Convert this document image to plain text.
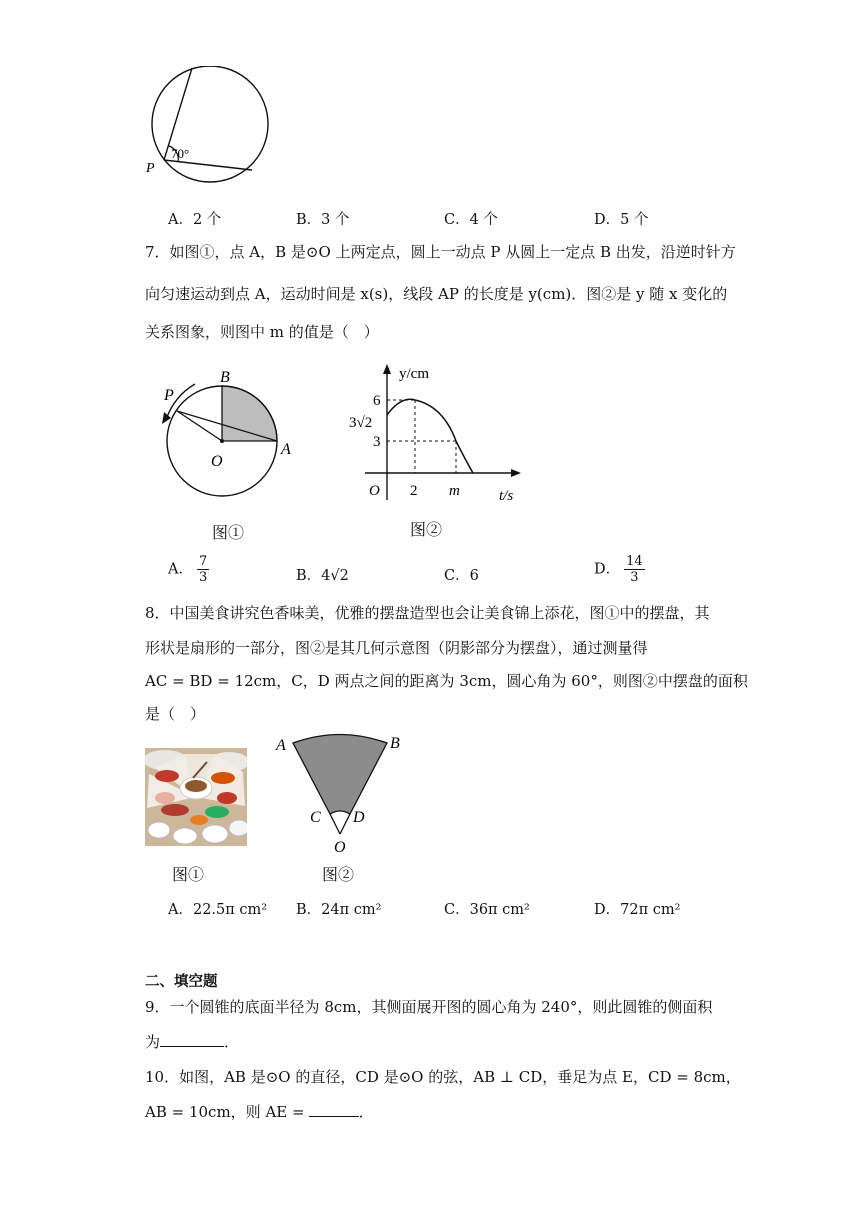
70°
P
A．2 个	B．3 个	C．4 个	D．5 个
7．如图①，点 A，B 是⊙O 上两定点，圆上一动点 P 从圆上一定点 B 出发，沿逆时针方
向匀速运动到点 A，运动时间是 x(s)，线段 AP 的长度是 y(cm)．图②是 y 随 x 变化的
关系图象，则图中 m 的值是（　）
B
P
O
A
图①
y/cm
6
3√2
3
O 2 m	t/s
图②
A． $\frac{7}{3}$	B．4√2	C．6	D． $\frac{14}{3}$
8．中国美食讲究色香味美，优雅的摆盘造型也会让美食锦上添花，图①中的摆盘，其
形状是扇形的一部分，图②是其几何示意图（阴影部分为摆盘），通过测量得
AC = BD = 12cm，C，D 两点之间的距离为 3cm，圆心角为 60°，则图②中摆盘的面积
是（　）
图①
A	B
C D
O
图②
A．22.5π cm² B．24π cm²	C．36π cm²	D．72π cm²
二、填空题
9．一个圆锥的底面半径为 8cm，其侧面展开图的圆心角为 240°，则此圆锥的侧面积
为	．
10．如图，AB 是⊙O 的直径，CD 是⊙O 的弦，AB ⊥ CD，垂足为点 E，CD = 8cm，
AB = 10cm，则 AE =	．
